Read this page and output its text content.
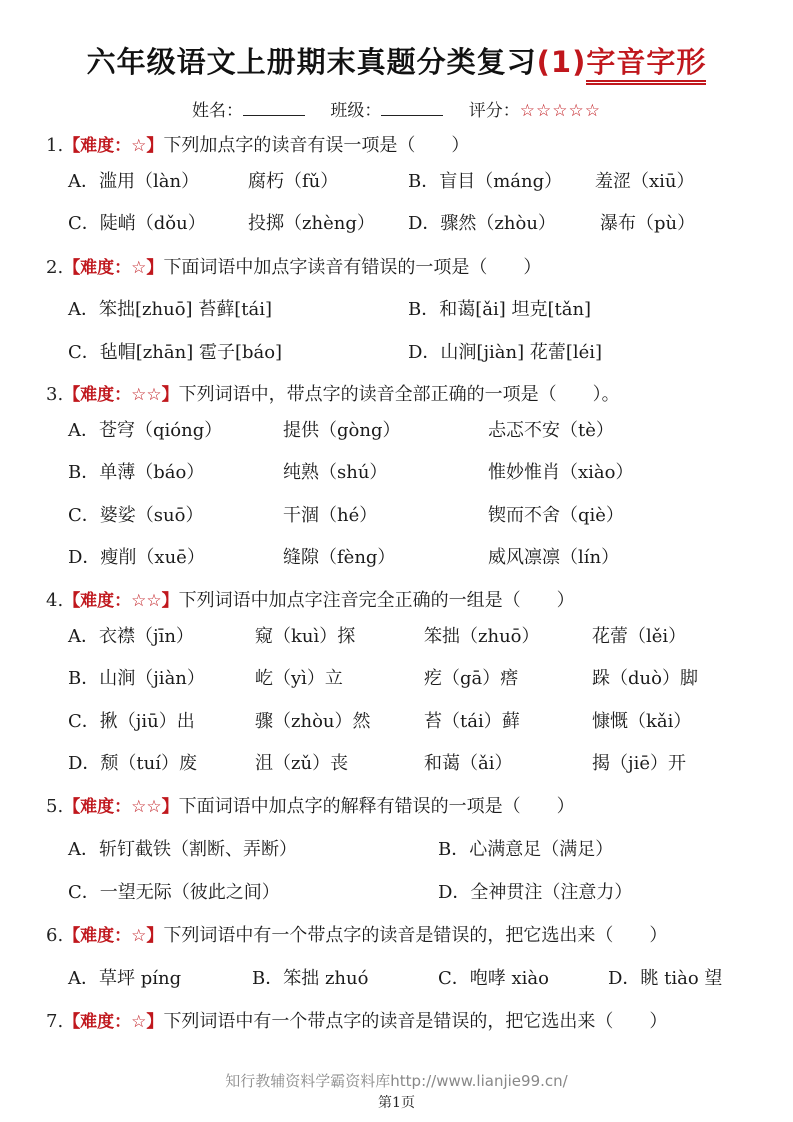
六年级语文上册期末真题分类复习(1)字音字形
姓名：	班级：	评分：☆☆☆☆☆
1.【难度：☆】下列加点字的读音有误一项是（　　）
A．滥用（làn）	腐朽（fǔ）	B．盲目（máng） 羞涩（xiū）
C．陡峭（dǒu） 投掷（zhèng） D．骤然（zhòu） 瀑布（pù）
2.【难度：☆】下面词语中加点字读音有错误的一项是（　　）
A．笨拙[zhuō] 苔藓[tái]	B．和蔼[ǎi] 坦克[tǎn]
C．毡帽[zhān] 雹子[báo]	D．山涧[jiàn] 花蕾[léi]
3.【难度：☆☆】下列词语中，带点字的读音全部正确的一项是（　　）。
A．苍穹（qióng）	提供（gòng）	忐忑不安（tè）
B．单薄（báo）	纯熟（shú）	惟妙惟肖（xiào）
C．婆娑（suō）	干涸（hé）	锲而不舍（qiè）
D．瘦削（xuē）	缝隙（fèng）	威风凛凛（lín）
4.【难度：☆☆】下列词语中加点字注音完全正确的一组是（　　）
A．衣襟（jīn）	窥（kuì）探	笨拙（zhuō）	花蕾（lěi）
B．山涧（jiàn）	屹（yì）立	疙（gā）瘩	跺（duò）脚
C．揪（jiū）出	骤（zhòu）然	苔（tái）藓	慷慨（kǎi）
D．颓（tuí）废	沮（zǔ）丧	和蔼（ǎi）	揭（jiē）开
5.【难度：☆☆】下面词语中加点字的解释有错误的一项是（　　）
A．斩钉截铁（割断、弄断）	B．心满意足（满足）
C．一望无际（彼此之间）	D．全神贯注（注意力）
6.【难度：☆】下列词语中有一个带点字的读音是错误的，把它选出来（　　）
A．草坪 píng	B．笨拙 zhuó	C．咆哮 xiào	D．眺 tiào 望
7.【难度：☆】下列词语中有一个带点字的读音是错误的，把它选出来（　　）
知行教辅资料学霸资料库http://www.lianjie99.cn/
第1页
